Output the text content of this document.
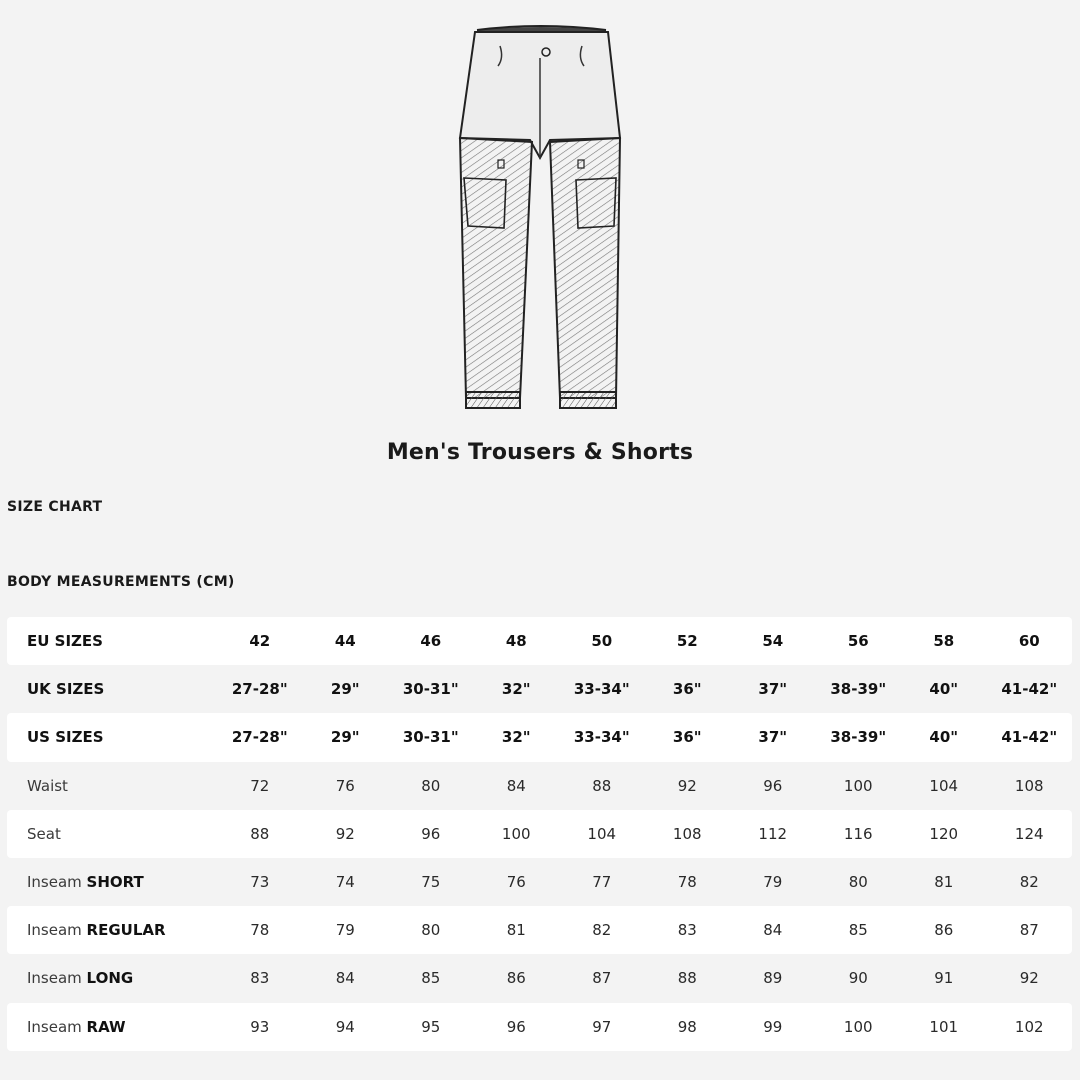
Men's Trousers & Shorts
SIZE CHART
BODY MEASUREMENTS (CM)
EU SIZES	42	44	46	48	50	52	54	56	58	60
UK SIZES	27-28"	29"	30-31"	32"	33-34"	36"	37"	38-39"	40"	41-42"
US SIZES	27-28"	29"	30-31"	32"	33-34"	36"	37"	38-39"	40"	41-42"
Waist	72	76	80	84	88	92	96	100	104	108
Seat	88	92	96	100	104	108	112	116	120	124
Inseam SHORT	73	74	75	76	77	78	79	80	81	82
Inseam REGULAR	78	79	80	81	82	83	84	85	86	87
Inseam LONG	83	84	85	86	87	88	89	90	91	92
Inseam RAW	93	94	95	96	97	98	99	100	101	102
